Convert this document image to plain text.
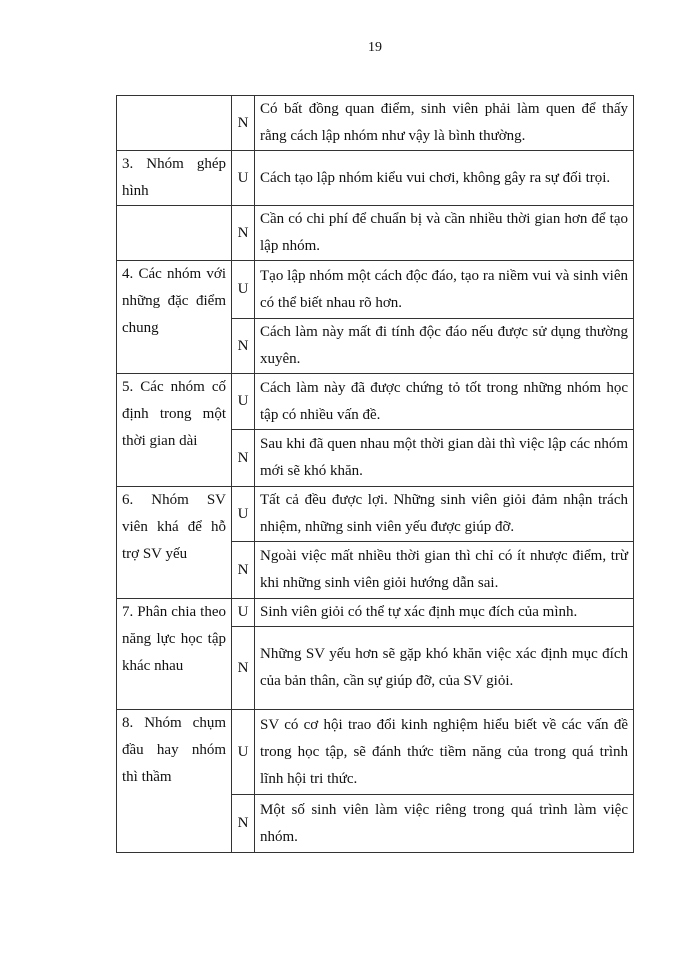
19
	N	Có bất đồng quan điểm, sinh viên phải làm quen để thấy rằng cách lập nhóm như vậy là bình thường.
3. Nhóm ghép hình	U	Cách tạo lập nhóm kiểu vui chơi, không gây ra sự đối trọi.
	N	Cần có chi phí để chuẩn bị và cần nhiều thời gian hơn để tạo lập nhóm.
4. Các nhóm với những đặc điểm chung	U	Tạo lập nhóm một cách độc đáo, tạo ra niềm vui và sinh viên có thể biết nhau rõ hơn.
	N	Cách làm này mất đi tính độc đáo nếu được sử dụng thường xuyên.
5. Các nhóm cố định trong một thời gian dài	U	Cách làm này đã được chứng tỏ tốt trong những nhóm học tập có nhiều vấn đề.
	N	Sau khi đã quen nhau một thời gian dài thì việc lập các nhóm mới sẽ khó khăn.
6. Nhóm SV viên khá để hỗ trợ SV yếu	U	Tất cả đều được lợi. Những sinh viên giỏi đảm nhận trách nhiệm, những sinh viên yếu được giúp đỡ.
	N	Ngoài việc mất nhiều thời gian thì chỉ có ít nhược điểm, trừ khi những sinh viên giỏi hướng dẫn sai.
7. Phân chia theo năng lực học tập khác nhau	U	Sinh viên giỏi có thể tự xác định mục đích của mình.
	N	Những SV yếu hơn sẽ gặp khó khăn việc xác định mục đích của bản thân, cần sự giúp đỡ, của SV giỏi.
8. Nhóm chụm đầu hay nhóm thì thầm	U	SV có cơ hội trao đổi kinh nghiệm hiểu biết về các vấn đề trong học tập, sẽ đánh thức tiềm năng của trong quá trình lĩnh hội tri thức.
	N	Một số sinh viên làm việc riêng trong quá trình làm việc nhóm.
